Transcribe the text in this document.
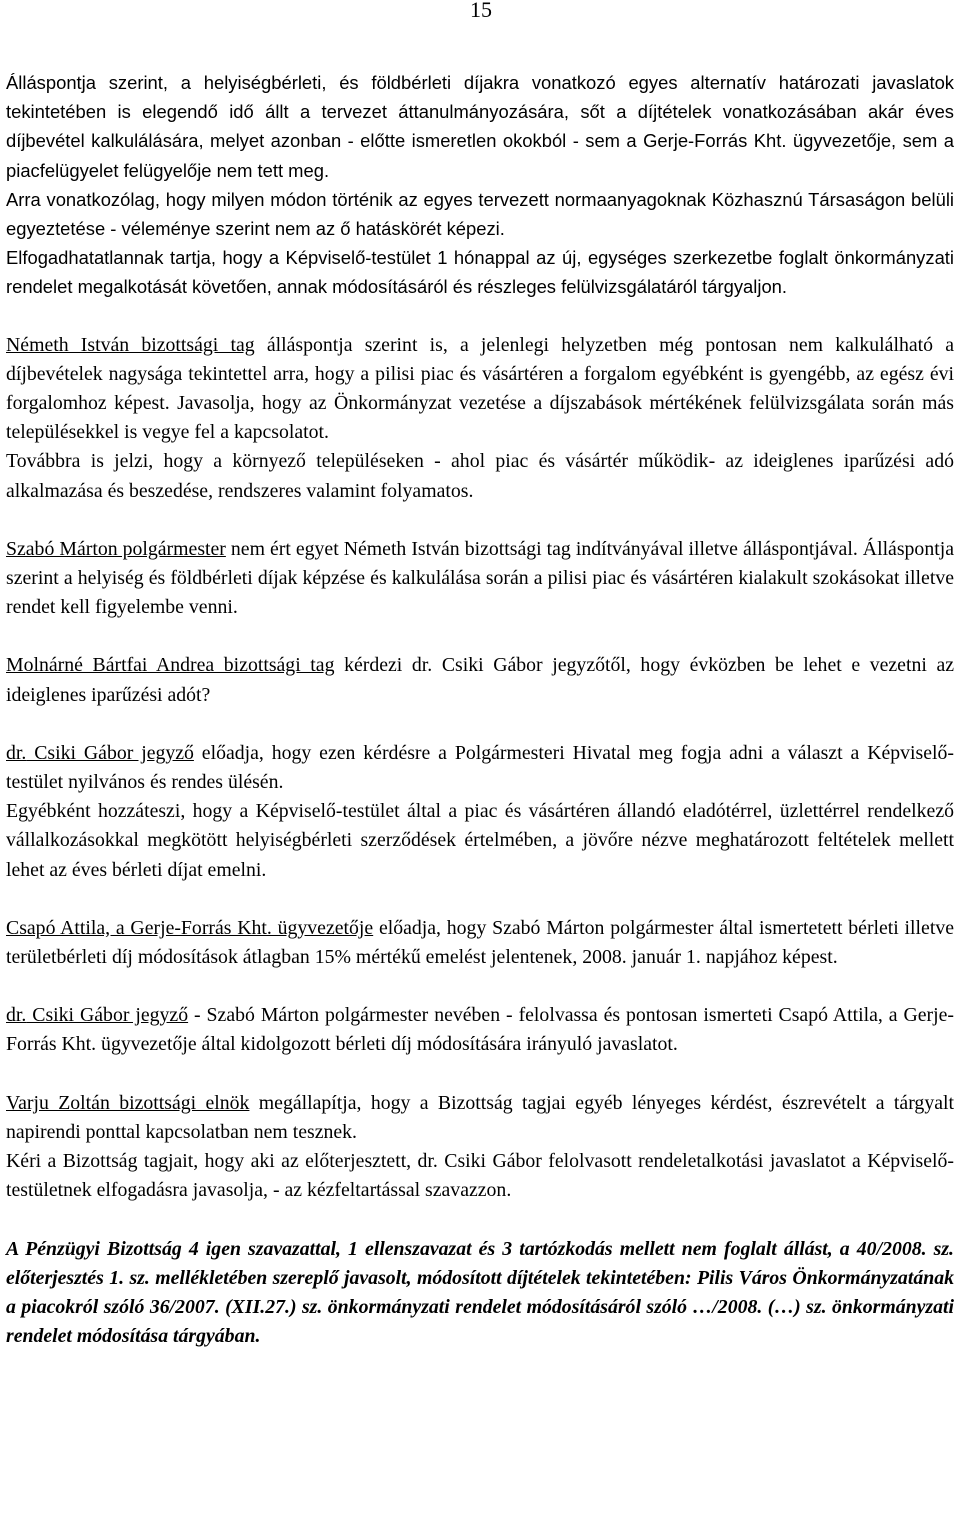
15

Álláspontja szerint, a helyiségbérleti, és földbérleti díjakra vonatkozó egyes alternatív határozati javaslatok tekintetében is elegendő idő állt a tervezet áttanulmányozására, sőt a díjtételek vonatkozásában akár éves díjbevétel kalkulálására, melyet azonban - előtte ismeretlen okokból - sem a Gerje-Forrás Kht. ügyvezetője, sem a piacfelügyelet felügyelője nem tett meg.

Arra vonatkozólag, hogy milyen módon történik az egyes tervezett normaanyagoknak Közhasznú Társaságon belüli egyeztetése - véleménye szerint nem az ő hatáskörét képezi.

Elfogadhatatlannak tartja, hogy a Képviselő-testület 1 hónappal az új, egységes szerkezetbe foglalt önkormányzati rendelet megalkotását követően, annak módosításáról és részleges felülvizsgálatáról tárgyaljon.

Németh István bizottsági tag álláspontja szerint is, a jelenlegi helyzetben még pontosan nem kalkulálható a díjbevételek nagysága tekintettel arra, hogy a pilisi piac és vásártéren a forgalom egyébként is gyengébb, az egész évi forgalomhoz képest. Javasolja, hogy az Önkormányzat vezetése a díjszabások mértékének felülvizsgálata során más településekkel is vegye fel a kapcsolatot.

Továbbra is jelzi, hogy a környező településeken - ahol piac és vásártér működik- az ideiglenes iparűzési adó alkalmazása és beszedése, rendszeres valamint folyamatos.

Szabó Márton polgármester nem ért egyet Németh István bizottsági tag indítványával illetve álláspontjával. Álláspontja szerint a helyiség és földbérleti díjak képzése és kalkulálása során a pilisi piac és vásártéren kialakult szokásokat illetve rendet kell figyelembe venni.

Molnárné Bártfai Andrea bizottsági tag kérdezi dr. Csiki Gábor jegyzőtől, hogy évközben be lehet e vezetni az ideiglenes iparűzési adót?

dr. Csiki Gábor jegyző előadja, hogy ezen kérdésre a Polgármesteri Hivatal meg fogja adni a választ a Képviselő-testület nyilvános és rendes ülésén.

Egyébként hozzáteszi, hogy a Képviselő-testület által a piac és vásártéren állandó eladótérrel, üzlettérrel rendelkező vállalkozásokkal megkötött helyiségbérleti szerződések értelmében, a jövőre nézve meghatározott feltételek mellett lehet az éves bérleti díjat emelni.

Csapó Attila, a Gerje-Forrás Kht. ügyvezetője előadja, hogy Szabó Márton polgármester által ismertetett bérleti illetve területbérleti díj módosítások átlagban 15% mértékű emelést jelentenek, 2008. január 1. napjához képest.

dr. Csiki Gábor jegyző - Szabó Márton polgármester nevében - felolvassa és pontosan ismerteti Csapó Attila, a Gerje-Forrás Kht. ügyvezetője által kidolgozott bérleti díj módosítására irányuló javaslatot.

Varju Zoltán bizottsági elnök megállapítja, hogy a Bizottság tagjai egyéb lényeges kérdést, észrevételt a tárgyalt napirendi ponttal kapcsolatban nem tesznek.

Kéri a Bizottság tagjait, hogy aki az előterjesztett, dr. Csiki Gábor felolvasott rendeletalkotási javaslatot a Képviselő-testületnek elfogadásra javasolja, - az kézfeltartással szavazzon.

A Pénzügyi Bizottság 4 igen szavazattal, 1 ellenszavazat és 3 tartózkodás mellett nem foglalt állást, a 40/2008. sz. előterjesztés 1. sz. mellékletében szereplő javasolt, módosított díjtételek tekintetében: Pilis Város Önkormányzatának a piacokról szóló 36/2007. (XII.27.) sz. önkormányzati rendelet módosításáról szóló …/2008. (…) sz. önkormányzati rendelet módosítása tárgyában.
